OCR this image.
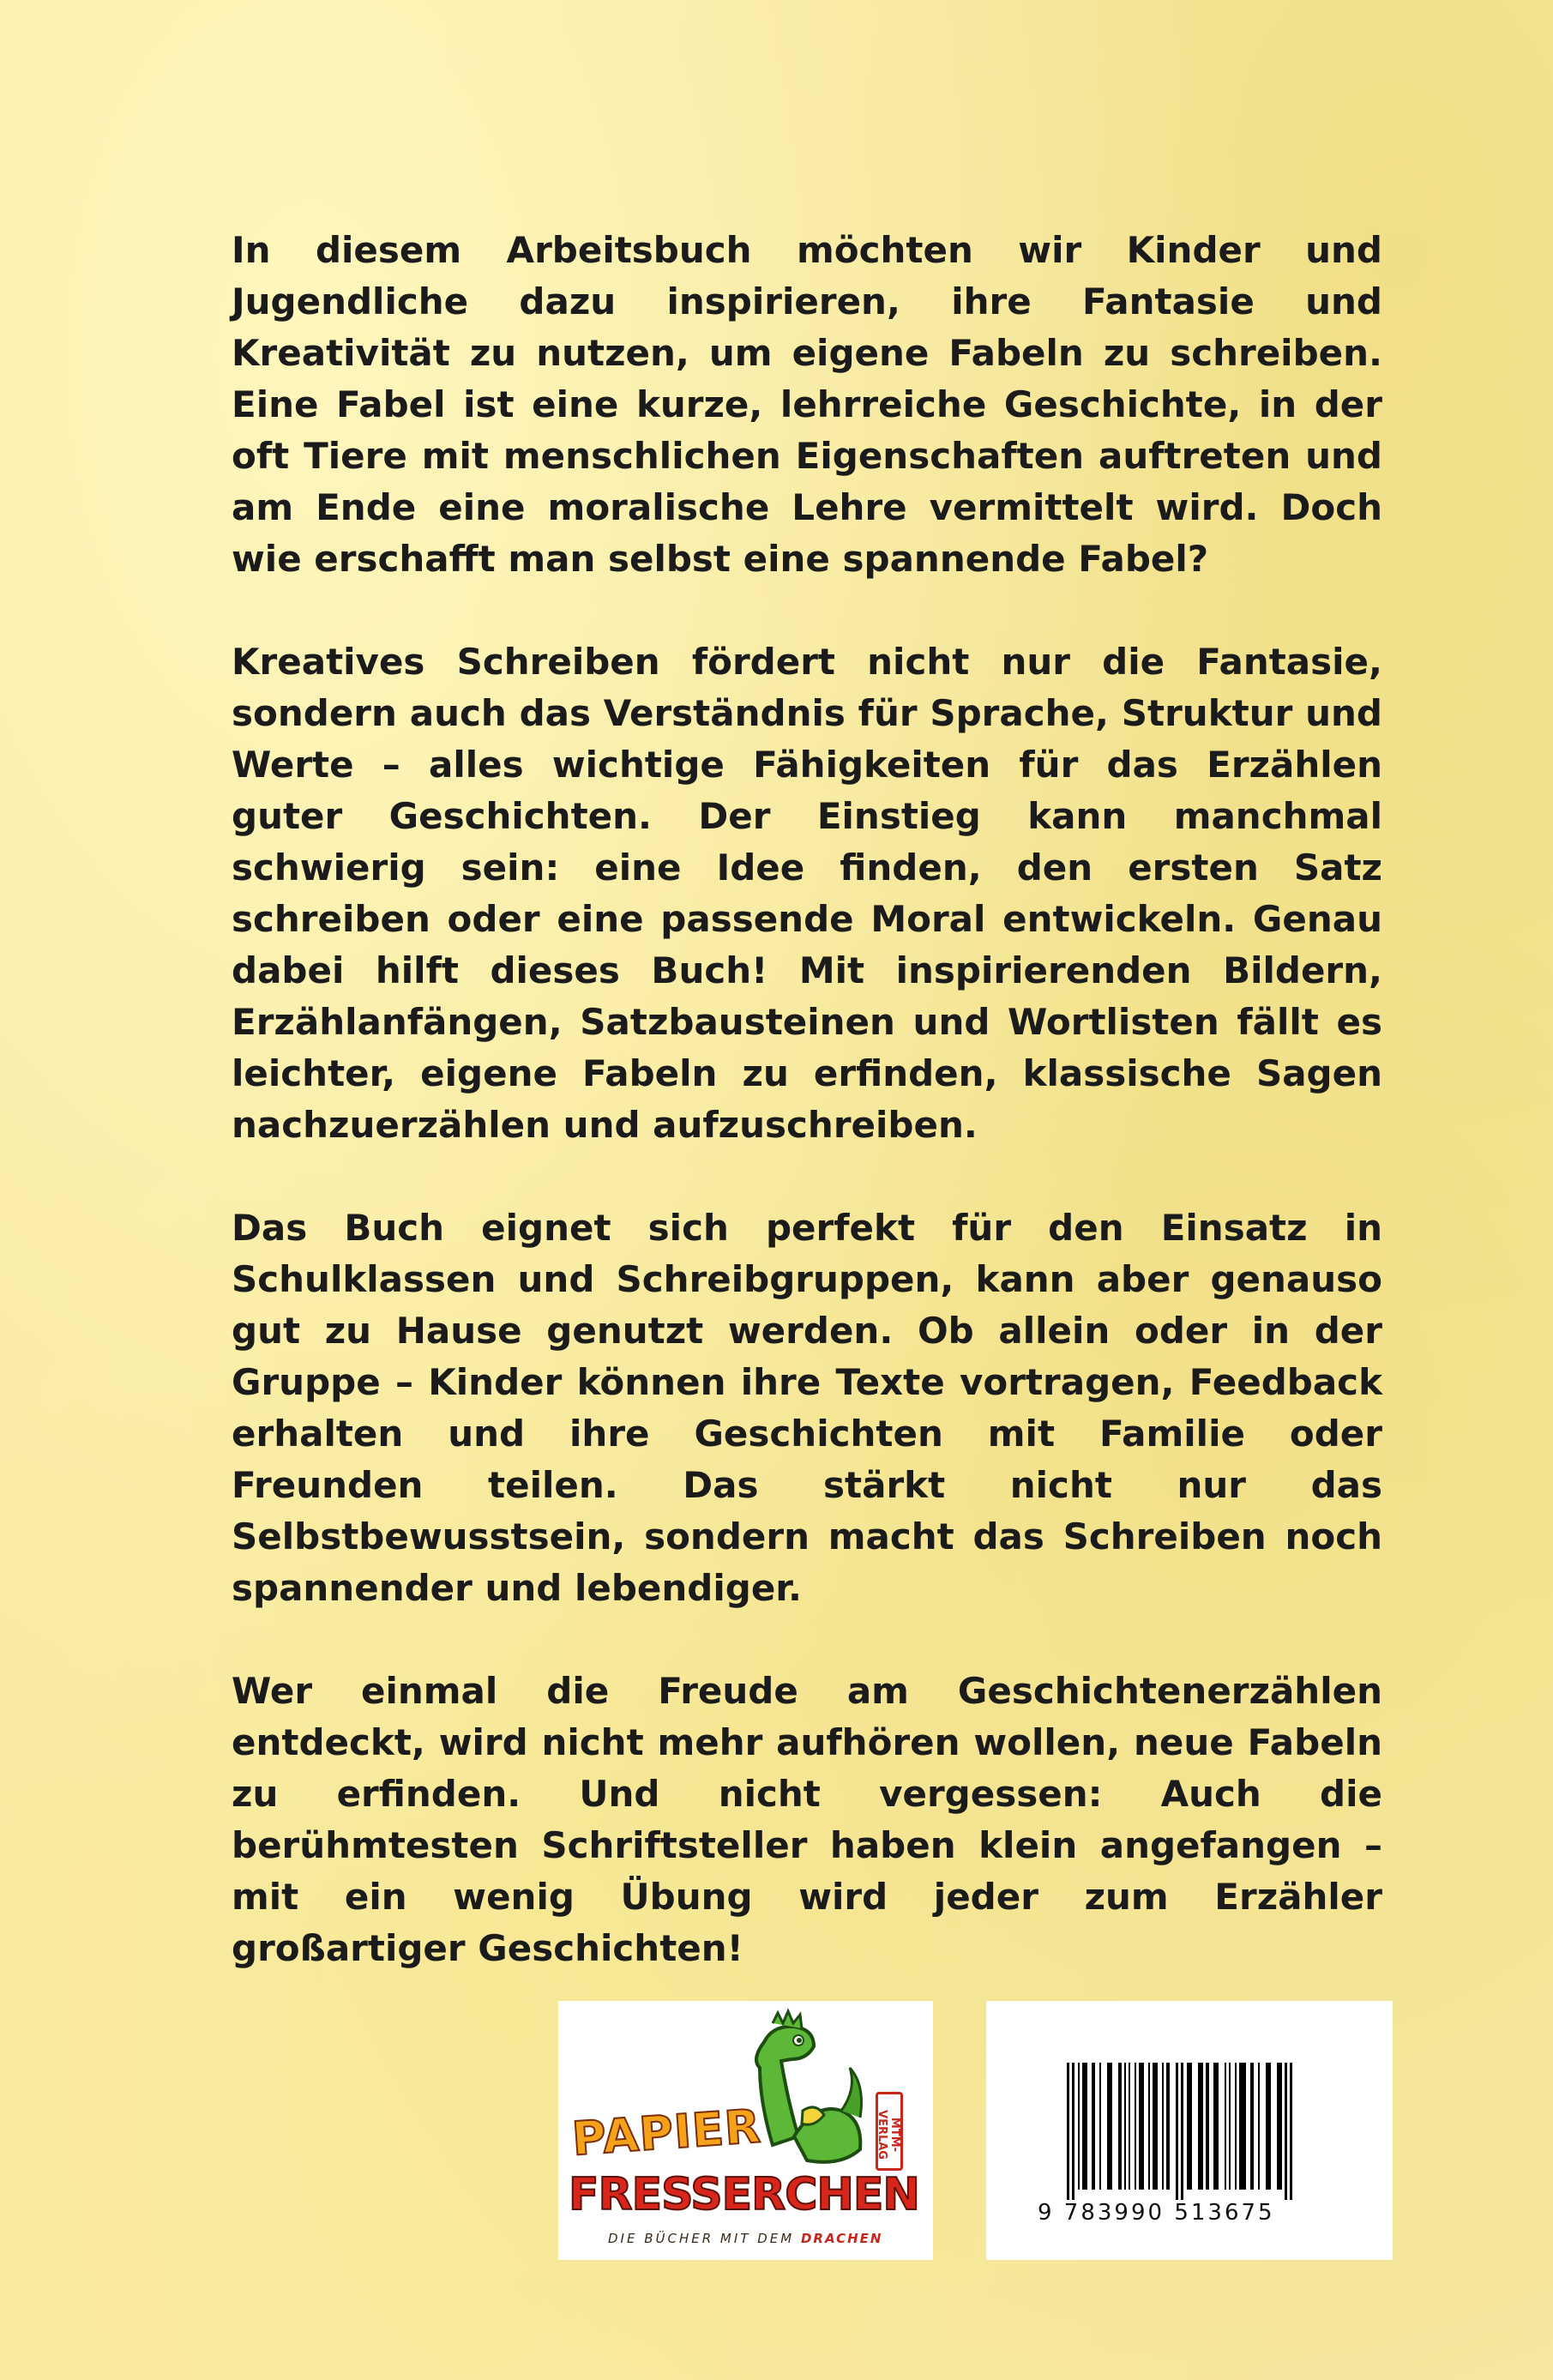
In diesem Arbeitsbuch möchten wir Kinder und Jugendliche dazu inspirieren, ihre Fantasie und Kreativität zu nutzen, um eigene Fabeln zu schreiben. Eine Fabel ist eine kurze, lehrreiche Geschichte, in der oft Tiere mit menschlichen Eigenschaften auftreten und am Ende eine moralische Lehre vermittelt wird. Doch wie erschafft man selbst eine spannende Fabel?

Kreatives Schreiben fördert nicht nur die Fantasie, sondern auch das Verständnis für Sprache, Struktur und Werte – alles wichtige Fähigkeiten für das Erzählen guter Geschichten. Der Einstieg kann manchmal schwierig sein: eine Idee finden, den ersten Satz schreiben oder eine passende Moral entwickeln. Genau dabei hilft dieses Buch! Mit inspirierenden Bildern, Erzählanfängen, Satzbausteinen und Wortlisten fällt es leichter, eigene Fabeln zu erfinden, klassische Sagen nachzuerzählen und aufzuschreiben.

Das Buch eignet sich perfekt für den Einsatz in Schulklassen und Schreibgruppen, kann aber genauso gut zu Hause genutzt werden. Ob allein oder in der Gruppe – Kinder können ihre Texte vortragen, Feedback erhalten und ihre Geschichten mit Familie oder Freunden teilen. Das stärkt nicht nur das Selbstbewusstsein, sondern macht das Schreiben noch spannender und lebendiger.

Wer einmal die Freude am Geschichtenerzählen entdeckt, wird nicht mehr aufhören wollen, neue Fabeln zu erfinden. Und nicht vergessen: Auch die berühmtesten Schriftsteller haben klein angefangen – mit ein wenig Übung wird jeder zum Erzähler großartiger Geschichten!

MTM-VERLAG
PAPIER
FRESSERCHEN
DIE BÜCHER MIT DEM DRACHEN
9 783990 513675
